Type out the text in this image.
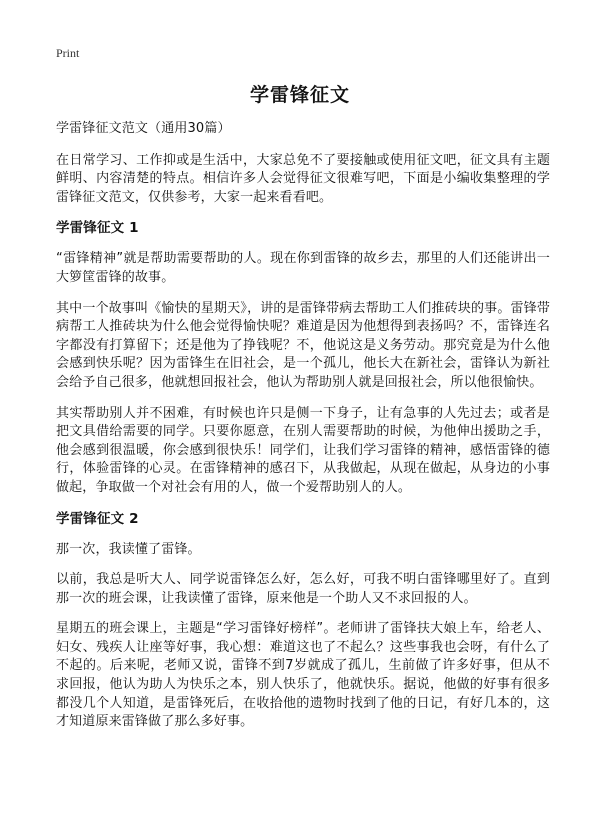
Print
学雷锋征文

学雷锋征文范文（通用30篇）

在日常学习、工作抑或是生活中，大家总免不了要接触或使用征文吧，征文具有主题鲜明、内容清楚的特点。相信许多人会觉得征文很难写吧，下面是小编收集整理的学雷锋征文范文，仅供参考，大家一起来看看吧。

学雷锋征文 1

“雷锋精神”就是帮助需要帮助的人。现在你到雷锋的故乡去，那里的人们还能讲出一大箩筐雷锋的故事。

其中一个故事叫《愉快的星期天》，讲的是雷锋带病去帮助工人们推砖块的事。雷锋带病帮工人推砖块为什么他会觉得愉快呢？难道是因为他想得到表扬吗？不，雷锋连名字都没有打算留下；还是他为了挣钱呢？不，他说这是义务劳动。那究竟是为什么他会感到快乐呢？因为雷锋生在旧社会，是一个孤儿，他长大在新社会，雷锋认为新社会给予自己很多，他就想回报社会，他认为帮助别人就是回报社会，所以他很愉快。

其实帮助别人并不困难，有时候也许只是侧一下身子，让有急事的人先过去；或者是把文具借给需要的同学。只要你愿意，在别人需要帮助的时候，为他伸出援助之手，他会感到很温暖，你会感到很快乐！同学们，让我们学习雷锋的精神，感悟雷锋的德行，体验雷锋的心灵。在雷锋精神的感召下，从我做起，从现在做起，从身边的小事做起，争取做一个对社会有用的人，做一个爱帮助别人的人。

学雷锋征文 2

那一次，我读懂了雷锋。

以前，我总是听大人、同学说雷锋怎么好，怎么好，可我不明白雷锋哪里好了。直到那一次的班会课，让我读懂了雷锋，原来他是一个助人又不求回报的人。

星期五的班会课上，主题是“学习雷锋好榜样”。老师讲了雷锋扶大娘上车，给老人、妇女、残疾人让座等好事，我心想：难道这也了不起么？这些事我也会呀，有什么了不起的。后来呢，老师又说，雷锋不到7岁就成了孤儿，生前做了许多好事，但从不求回报，他认为助人为快乐之本，别人快乐了，他就快乐。据说，他做的好事有很多都没几个人知道，是雷锋死后，在收拾他的遗物时找到了他的日记，有好几本的，这才知道原来雷锋做了那么多好事。
